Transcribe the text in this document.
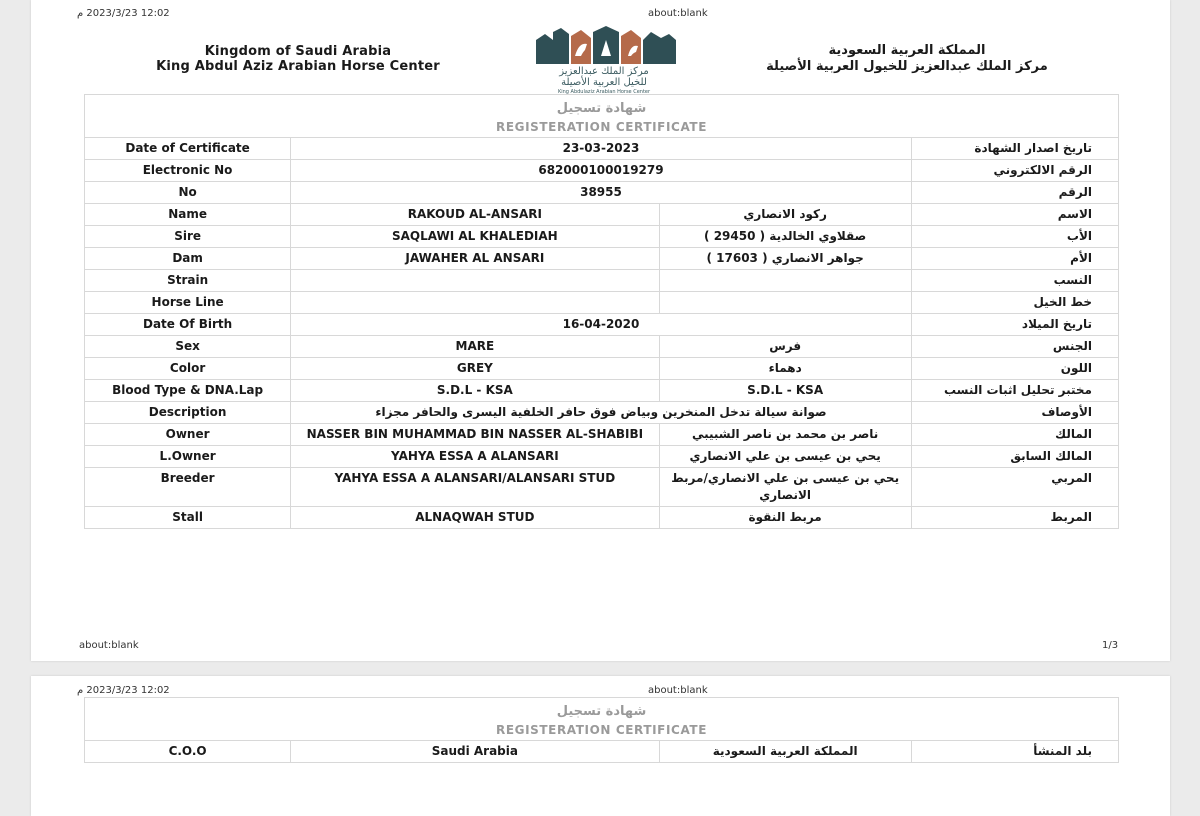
12:02 2023/3/23 م	about:blank
Kingdom of Saudi Arabia
King Abdul Aziz Arabian Horse Center	مركز الملك عبدالعزيز
للخيل العربية الأصيلة
King Abdulaziz Arabian Horse Center
المملكة العربية السعودية
مركز الملك عبدالعزيز للخيول العربية الأصيلة
شهادة تسجيل
REGISTERATION CERTIFICATE			

Date of Certificate	23-03-2023		تاريخ اصدار الشهادة
Electronic No	682000100019279		الرقم الالكتروني
No	38955		الرقم
Name	RAKOUD AL-ANSARI	ركود الانصاري	الاسم
Sire	SAQLAWI AL KHALEDIAH	صقلاوي الخالدية ( 29450 )	الأب
Dam	JAWAHER AL ANSARI	جواهر الانصاري ( 17603 )	الأم
Strain			النسب
Horse Line			خط الخيل
Date Of Birth	16-04-2020		تاريخ الميلاد
Sex	MARE	فرس	الجنس
Color	GREY	دهماء	اللون
Blood Type & DNA.Lap	S.D.L - KSA	S.D.L - KSA	مختبر تحليل اثبات النسب
Description	صوانة سيالة تدخل المنخرين وبياض فوق حافر الخلفية اليسرى والحافر مجزاء		الأوصاف
Owner	NASSER BIN MUHAMMAD BIN NASSER AL-SHABIBI	ناصر بن محمد بن ناصر الشبيبي	المالك
L.Owner	YAHYA ESSA A ALANSARI	يحي بن عيسى بن علي الانصاري	المالك السابق
Breeder	YAHYA ESSA A ALANSARI/ALANSARI STUD	يحي بن عيسى بن علي الانصاري/مربط الانصاري	المربي
Stall	ALNAQWAH STUD	مربط النقوة	المربط
about:blank	1/3
12:02 2023/3/23 م	about:blank
شهادة تسجيل
REGISTERATION CERTIFICATE

C.O.O	Saudi Arabia	المملكة العربية السعودية	بلد المنشأ
